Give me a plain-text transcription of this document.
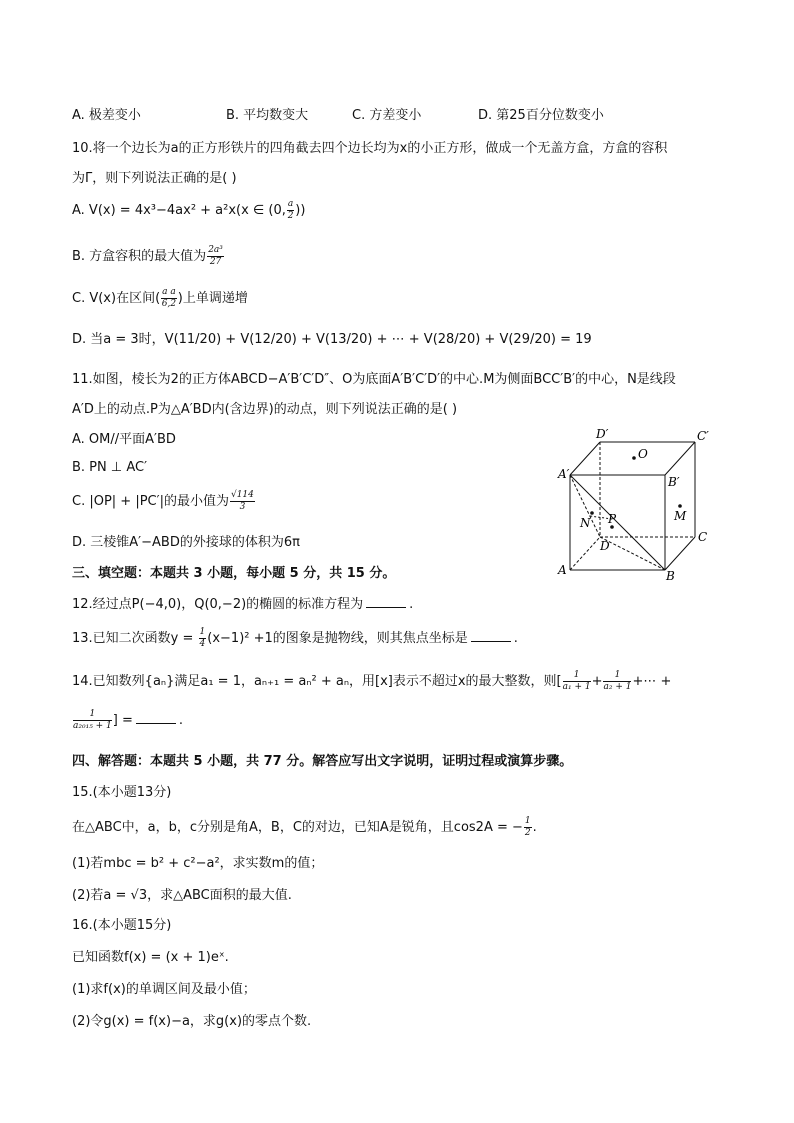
A. 极差变小	B. 平均数变大	C. 方差变小	D. 第25百分位数变小
10.将一个边长为a的正方形铁片的四角截去四个边长均为x的小正方形，做成一个无盖方盒，方盒的容积
为Γ，则下列说法正确的是( )
A. V(x) = 4x³−4ax² + a²x(x ∈ (0, $\frac{a}{2}$ ))
B. 方盒容积的最大值为 $\frac{\text{2a³}}{27}$
C. V(x)在区间( $\frac{\text{a a}}{6,2}$ )上单调递增
D. 当a = 3时，V(11/20) + V(12/20) + V(13/20) + ⋯ + V(28/20) + V(29/20) = 19
11.如图，棱长为2的正方体ABCD−A′B′C′D″、O为底面A′B′C′D′的中心.M为侧面BCC′B′的中心，N是线段
A′D上的动点.P为△A′BD内(含边界)的动点，则下列说法正确的是( )
A. OM//平面A′BD
B. PN ⊥ AC′
C. |OP| + |PC′|的最小值为 $\frac{√114}{3}$
D. 三棱锥A′−ABD的外接球的体积为6π
D′	C′
A′
B′
O
M
N P
D
C
A	B
三、填空题：本题共 3 小题，每小题 5 分，共 15 分。
12.经过点P(−4,0)，Q(0,−2)的椭圆的标准方程为	.
13.已知二次函数$y = \frac{1}{4} (x-1)^2 +1$的图象是抛物线，则其焦点坐标是	.
14.已知数列{aₙ}满足a₁ = 1，aₙ₊₁ = aₙ² + aₙ，用[x]表示不超过x的最大整数，则[ $\frac{1}{\text{a₁ + 1}} + \frac{1}{\text{a₂ + 1}}$ +⋯ +
$\frac{1}{\text{a₂₀₁₅ + 1}}$ ] =	.
四、解答题：本题共 5 小题，共 77 分。解答应写出文字说明，证明过程或演算步骤。
15.(本小题13分)
在△ABC中，a，b，c分别是角A，B，C的对边，已知A是锐角，且cos2A = − $\frac{1}{2}$ .
(1)若mbc = b² + c²−a²，求实数m的值；
(2)若a = √3，求△ABC面积的最大值.
16.(本小题15分)
已知函数f(x) = (x + 1)eˣ.
(1)求f(x)的单调区间及最小值；
(2)令g(x) = f(x)−a，求g(x)的零点个数.
